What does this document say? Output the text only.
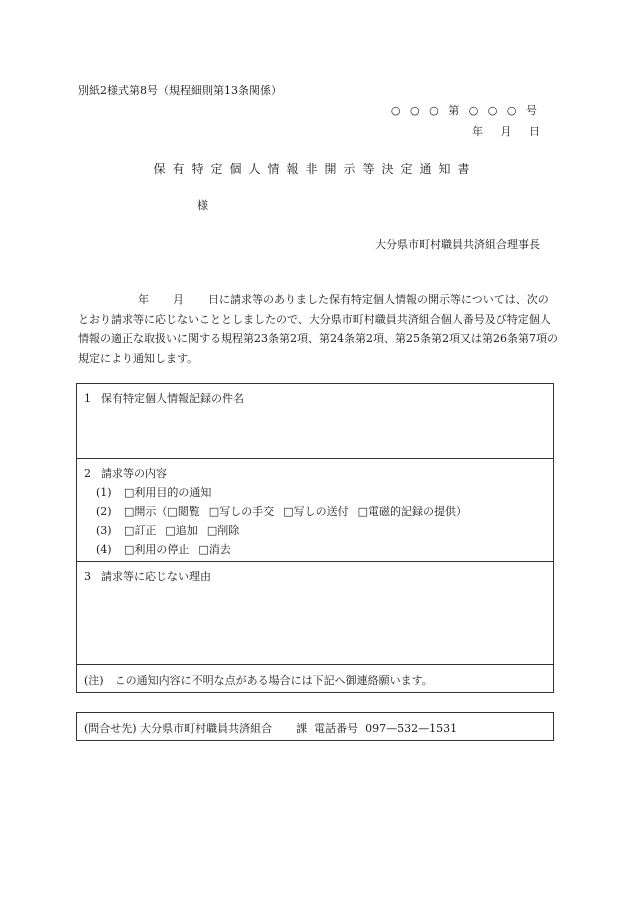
別紙2様式第8号（規程細則第13条関係）
○ ○ ○ 第 ○ ○ ○ 号
年 月 日
保有特定個人情報非開示等決定通知書
様
大分県市町村職員共済組合理事長
年 月 日に請求等のありました保有特定個人情報の開示等については、次のとおり請求等に応じないこととしましたので、大分県市町村職員共済組合個人番号及び特定個人情報の適正な取扱いに関する規程第23条第2項、第24条第2項、第25条第2項又は第26条第7項の規定により通知します。
1 保有特定個人情報記録の件名
2 請求等の内容
(1) □利用目的の通知
(2) □開示（□閲覧 □写しの手交 □写しの送付 □電磁的記録の提供）
(3) □訂正 □追加 □削除
(4) □利用の停止 □消去
3 請求等に応じない理由
(注)　この通知内容に不明な点がある場合には下記へ御連絡願います。
(問合せ先) 大分県市町村職員共済組合 課 電話番号 097—532—1531
